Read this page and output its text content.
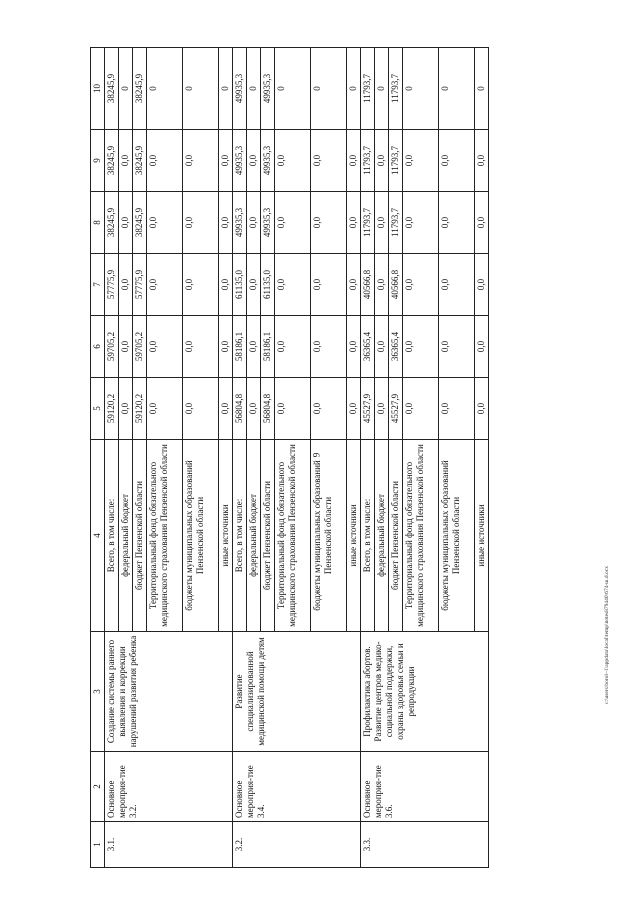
9
c:\users\borol~1\appdata\local\temp\notes879440\674-ш.d.ocx
1	2	3	4	5	6	7	8	9	10
3.1.	Основное мероприя-тие 3.2.	Создание системы раннего выявления и коррекции нарушений развития ребенка	Всего, в том числе:	59120,2	59705,2	57775,9	38245,9	38245,9	38245,9
			федеральный бюджет	0,0	0,0	0,0	0,0	0,0	0
			бюджет Пензенской области	59120,2	59705,2	57775,9	38245,9	38245,9	38245,9
			Территориальный фонд обязательного медицинского страхования Пензенской области	0,0	0,0	0,0	0,0	0,0	0
			бюджеты муниципальных образований Пензенской области	0,0	0,0	0,0	0,0	0,0	0
			иные источники	0,0	0,0	0,0	0,0	0,0	0
3.2.	Основное мероприя-тие 3.4.	Развитие специализированной медицинской помощи детям	Всего, в том числе:	56804,8	58186,1	61135,0	49935,3	49935,3	49935,3
			федеральный бюджет	0,0	0,0	0,0	0,0	0,0	0
			бюджет Пензенской области	56804,8	58186,1	61135,0	49935,3	49935,3	49935,3
			Территориальный фонд обязательного медицинского страхования Пензенской области	0,0	0,0	0,0	0,0	0,0	0
			бюджеты муниципальных образований Пензенской области	0,0	0,0	0,0	0,0	0,0	0
			иные источники	0,0	0,0	0,0	0,0	0,0	0
3.3.	Основное мероприя-тие 3.6.	Профилактика абортов. Развитие центров медико-социальной поддержки, охраны здоровья семьи и репродукции	Всего, в том числе:	45527,9	36365,4	40566,8	11793,7	11793,7	11793,7
			федеральный бюджет	0,0	0,0	0,0	0,0	0,0	0
			бюджет Пензенской области	45527,9	36365,4	40566,8	11793,7	11793,7	11793,7
			Территориальный фонд обязательного медицинского страхования Пензенской области	0,0	0,0	0,0	0,0	0,0	0
			бюджеты муниципальных образований Пензенской области	0,0	0,0	0,0	0,0	0,0	0
			иные источники	0,0	0,0	0,0	0,0	0,0	0
